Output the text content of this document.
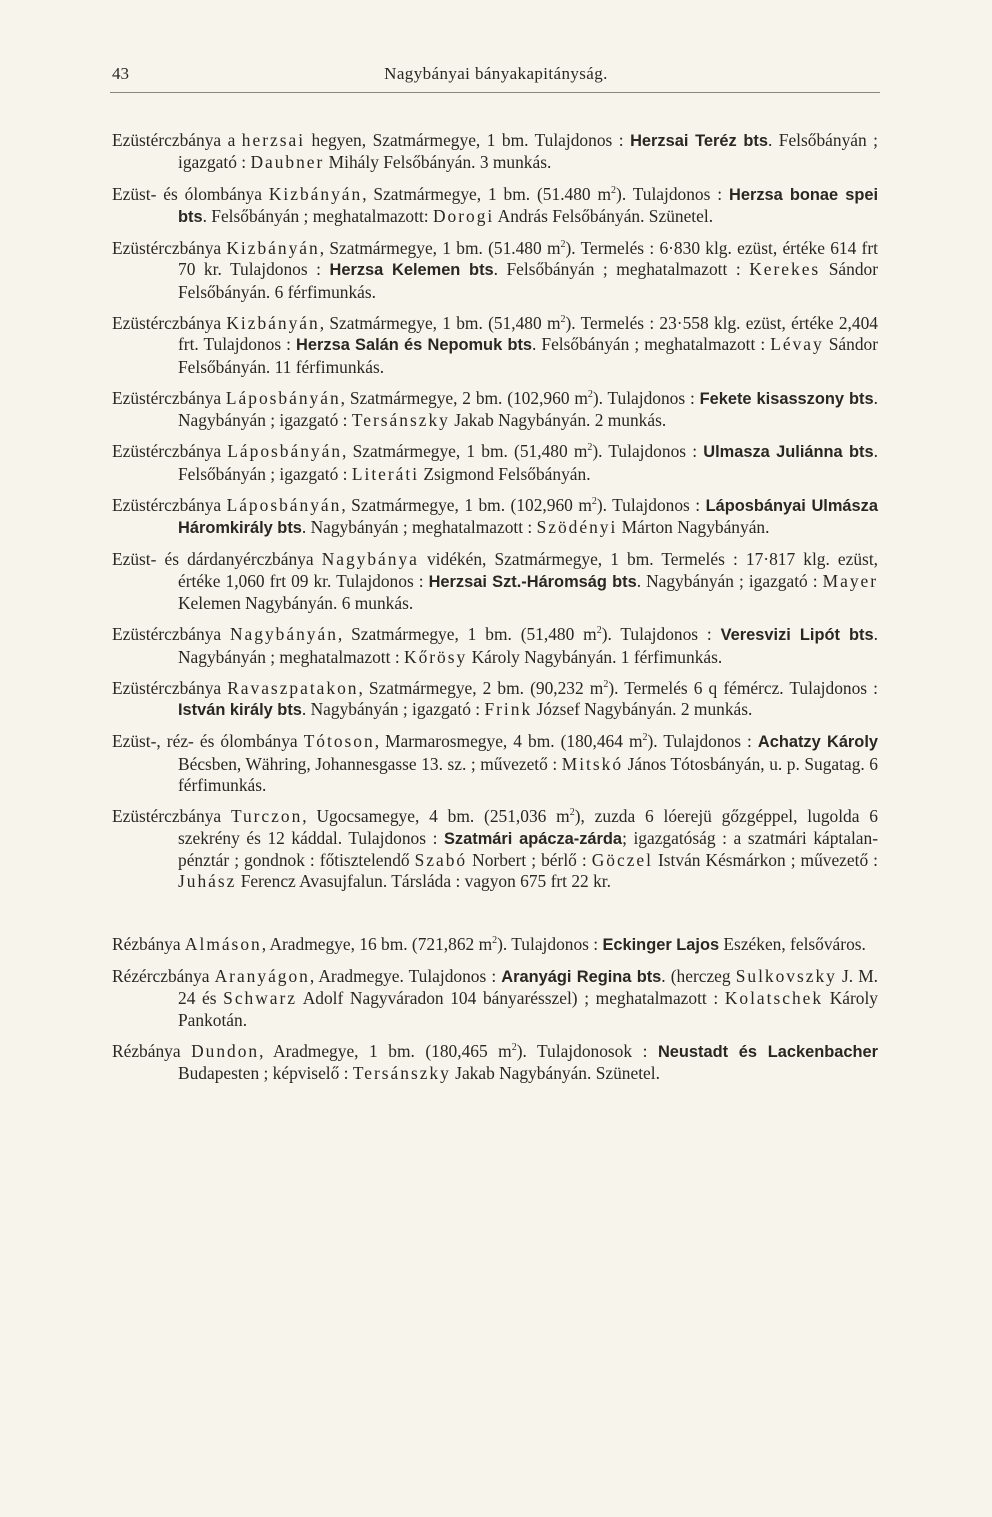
43	Nagybányai bányakapitányság.

Ezüstérczbánya a herzsai hegyen, Szatmármegye, 1 bm. Tulajdonos : Herzsai Teréz bts. Felsőbányán ; igazgató : Daubner Mihály Felsőbányán. 3 munkás.

Ezüst- és ólombánya Kizbányán, Szatmármegye, 1 bm. (51.480 $m^2$). Tulajdonos : Herzsa bonae spei bts. Felsőbányán ; meghatalmazott: Dorogi András Felsőbányán. Szünetel.

Ezüstérczbánya Kizbányán, Szatmármegye, 1 bm. (51.480 $m^2$). Termelés : 6·830 klg. ezüst, értéke 614 frt 70 kr. Tulajdonos : Herzsa Kelemen bts. Felsőbányán ; meghatalmazott : Kerekes Sándor Felsőbányán. 6 férfimunkás.

Ezüstérczbánya Kizbányán, Szatmármegye, 1 bm. (51,480 $m^2$). Termelés : 23·558 klg. ezüst, értéke 2,404 frt. Tulajdonos : Herzsa Salán és Nepomuk bts. Felsőbányán ; meghatalmazott : Lévay Sándor Felsőbányán. 11 férfimunkás.

Ezüstérczbánya Láposbányán, Szatmármegye, 2 bm. (102,960 $m^2$). Tulajdonos : Fekete kisasszony bts. Nagybányán ; igazgató : Tersánszky Jakab Nagybányán. 2 munkás.

Ezüstérczbánya Láposbányán, Szatmármegye, 1 bm. (51,480 $m^2$). Tulajdonos : Ulmasza Juliánna bts. Felsőbányán ; igazgató : Literáti Zsigmond Felsőbányán.

Ezüstérczbánya Láposbányán, Szatmármegye, 1 bm. (102,960 $m^2$). Tulajdonos : Láposbányai Ulmásza Háromkirály bts. Nagybányán ; meghatalmazott : Szödényi Márton Nagybányán.

Ezüst- és dárdanyérczbánya Nagybánya vidékén, Szatmármegye, 1 bm. Termelés : 17·817 klg. ezüst, értéke 1,060 frt 09 kr. Tulajdonos : Herzsai Szt.-Háromság bts. Nagybányán ; igazgató : Mayer Kelemen Nagybányán. 6 munkás.

Ezüstérczbánya Nagybányán, Szatmármegye, 1 bm. (51,480 $m^2$). Tulajdonos : Veresvizi Lipót bts. Nagybányán ; meghatalmazott : Kőrösy Károly Nagybányán. 1 férfimunkás.

Ezüstérczbánya Ravaszpatakon, Szatmármegye, 2 bm. (90,232 $m^2$). Termelés 6 q fémércz. Tulajdonos : István király bts. Nagybányán ; igazgató : Frink József Nagybányán. 2 munkás.

Ezüst-, réz- és ólombánya Tótoson, Marmarosmegye, 4 bm. (180,464 $m^2$). Tulajdonos : Achatzy Károly Bécsben, Währing, Johannesgasse 13. sz. ; művezető : Mitskó János Tótosbányán, u. p. Sugatag. 6 férfimunkás.

Ezüstérczbánya Turczon, Ugocsamegye, 4 bm. (251,036 $m^2$), zuzda 6 lóerejü gőzgéppel, lugolda 6 szekrény és 12 káddal. Tulajdonos : Szatmári apácza-zárda; igazgatóság : a szatmári káptalan-pénztár ; gondnok : főtisztelendő Szabó Norbert ; bérlő : Göczel István Késmárkon ; művezető : Juhász Ferencz Avasujfalun. Társláda : vagyon 675 frt 22 kr.

Rézbánya Almáson, Aradmegye, 16 bm. (721,862 $m^2$). Tulajdonos : Eckinger Lajos Eszéken, felsőváros.

Rézérczbánya Aranyágon, Aradmegye. Tulajdonos : Aranyági Regina bts. (herczeg Sulkovszky J. M. 24 és Schwarz Adolf Nagyváradon 104 bányarésszel) ; meghatalmazott : Kolatschek Károly Pankotán.

Rézbánya Dundon, Aradmegye, 1 bm. (180,465 $m^2$). Tulajdonosok : Neustadt és Lackenbacher Budapesten ; képviselő : Tersánszky Jakab Nagybányán. Szünetel.
